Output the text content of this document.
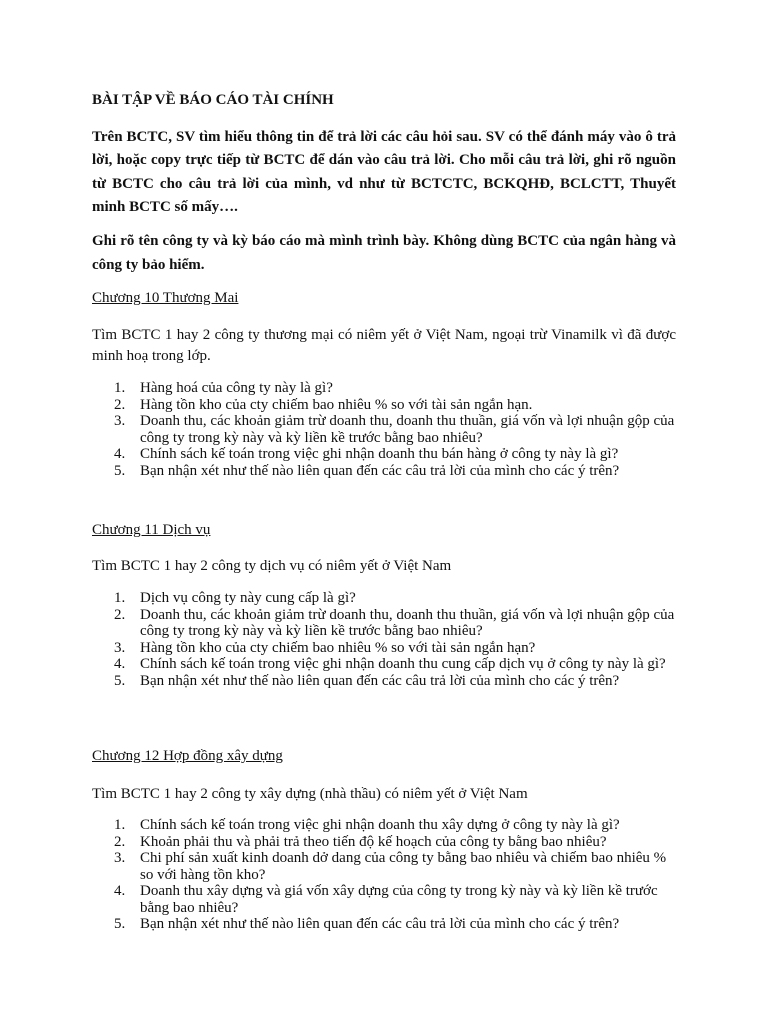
BÀI TẬP VỀ BÁO CÁO TÀI CHÍNH

Trên BCTC, SV tìm hiểu thông tin để trả lời các câu hỏi sau. SV có thể đánh máy vào ô trả lời, hoặc copy trực tiếp từ BCTC để dán vào câu trả lời. Cho mỗi câu trả lời, ghi rõ nguồn từ BCTC cho câu trả lời của mình, vd như từ BCTCTC, BCKQHĐ, BCLCTT, Thuyết minh BCTC số mấy….

Ghi rõ tên công ty và kỳ báo cáo mà mình trình bày. Không dùng BCTC của ngân hàng và công ty bảo hiểm.

Chương 10 Thương Mai

Tìm BCTC 1 hay 2 công ty thương mại có niêm yết ở Việt Nam, ngoại trừ Vinamilk vì đã được minh hoạ trong lớp.

1. Hàng hoá của công ty này là gì?
2. Hàng tồn kho của cty chiếm bao nhiêu % so với tài sản ngắn hạn.
3. Doanh thu, các khoản giảm trừ doanh thu, doanh thu thuần, giá vốn và lợi nhuận gộp của công ty trong kỳ này và kỳ liền kề trước bằng bao nhiêu?
4. Chính sách kế toán trong việc ghi nhận doanh thu bán hàng ở công ty này là gì?
5. Bạn nhận xét như thế nào liên quan đến các câu trả lời của mình cho các ý trên?
Chương 11 Dịch vụ

Tìm BCTC 1 hay 2 công ty dịch vụ có niêm yết ở Việt Nam

1. Dịch vụ công ty này cung cấp là gì?
2. Doanh thu, các khoản giảm trừ doanh thu, doanh thu thuần, giá vốn và lợi nhuận gộp của công ty trong kỳ này và kỳ liền kề trước bằng bao nhiêu?
3. Hàng tồn kho của cty chiếm bao nhiêu % so với tài sản ngắn hạn?
4. Chính sách kế toán trong việc ghi nhận doanh thu cung cấp dịch vụ ở công ty này là gì?
5. Bạn nhận xét như thế nào liên quan đến các câu trả lời của mình cho các ý trên?
Chương 12 Hợp đồng xây dựng

Tìm BCTC 1 hay 2 công ty xây dựng (nhà thầu) có niêm yết ở Việt Nam

1. Chính sách kế toán trong việc ghi nhận doanh thu xây dựng ở công ty này là gì?
2. Khoản phải thu và phải trả theo tiến độ kế hoạch của công ty bằng bao nhiêu?
3. Chi phí sản xuất kinh doanh dở dang của công ty bằng bao nhiêu và chiếm bao nhiêu % so với hàng tồn kho?
4. Doanh thu xây dựng và giá vốn xây dựng của công ty trong kỳ này và kỳ liền kề trước bằng bao nhiêu?
5. Bạn nhận xét như thế nào liên quan đến các câu trả lời của mình cho các ý trên?
